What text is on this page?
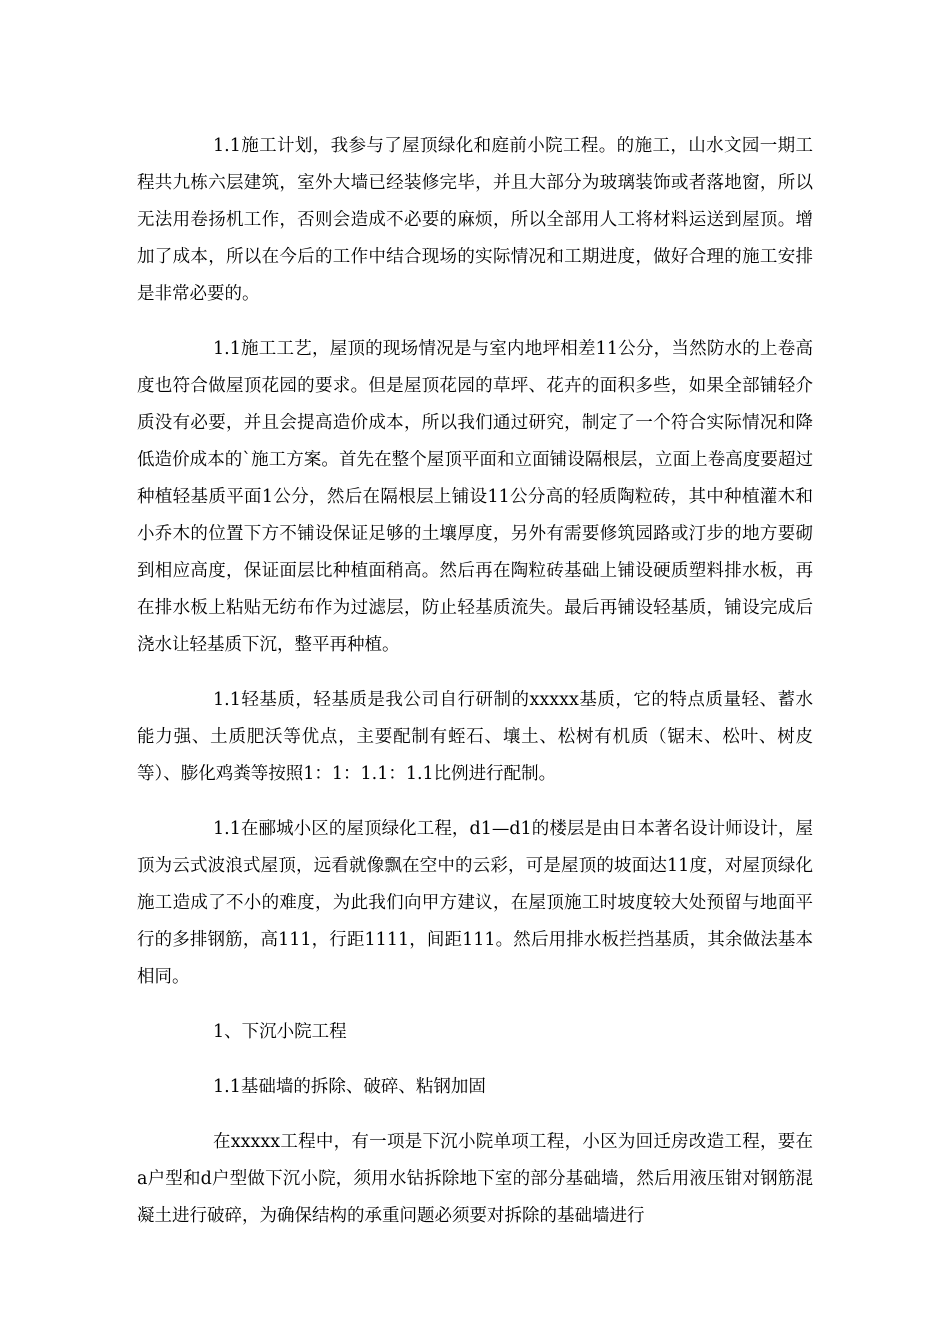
1.1施工计划，我参与了屋顶绿化和庭前小院工程。的施工，山水文园一期工程共九栋六层建筑，室外大墙已经装修完毕，并且大部分为玻璃装饰或者落地窗，所以无法用卷扬机工作，否则会造成不必要的麻烦，所以全部用人工将材料运送到屋顶。增加了成本，所以在今后的工作中结合现场的实际情况和工期进度，做好合理的施工安排是非常必要的。

1.1施工工艺，屋顶的现场情况是与室内地坪相差11公分，当然防水的上卷高度也符合做屋顶花园的要求。但是屋顶花园的草坪、花卉的面积多些，如果全部铺轻介质没有必要，并且会提高造价成本，所以我们通过研究，制定了一个符合实际情况和降低造价成本的`施工方案。首先在整个屋顶平面和立面铺设隔根层，立面上卷高度要超过种植轻基质平面1公分，然后在隔根层上铺设11公分高的轻质陶粒砖，其中种植灌木和小乔木的位置下方不铺设保证足够的土壤厚度，另外有需要修筑园路或汀步的地方要砌到相应高度，保证面层比种植面稍高。然后再在陶粒砖基础上铺设硬质塑料排水板，再在排水板上粘贴无纺布作为过滤层，防止轻基质流失。最后再铺设轻基质，铺设完成后浇水让轻基质下沉，整平再种植。

1.1轻基质，轻基质是我公司自行研制的xxxxx基质，它的特点质量轻、蓄水能力强、土质肥沃等优点，主要配制有蛭石、壤土、松树有机质（锯末、松叶、树皮等）、膨化鸡粪等按照1：1：1.1：1.1比例进行配制。

1.1在郦城小区的屋顶绿化工程，d1—d1的楼层是由日本著名设计师设计，屋顶为云式波浪式屋顶，远看就像飘在空中的云彩，可是屋顶的坡面达11度，对屋顶绿化施工造成了不小的难度，为此我们向甲方建议，在屋顶施工时坡度较大处预留与地面平行的多排钢筋，高111，行距1111，间距111。然后用排水板拦挡基质，其余做法基本相同。

1、下沉小院工程

1.1基础墙的拆除、破碎、粘钢加固

在xxxxx工程中，有一项是下沉小院单项工程，小区为回迁房改造工程，要在a户型和d户型做下沉小院，须用水钻拆除地下室的部分基础墙，然后用液压钳对钢筋混凝土进行破碎，为确保结构的承重问题必须要对拆除的基础墙进行
